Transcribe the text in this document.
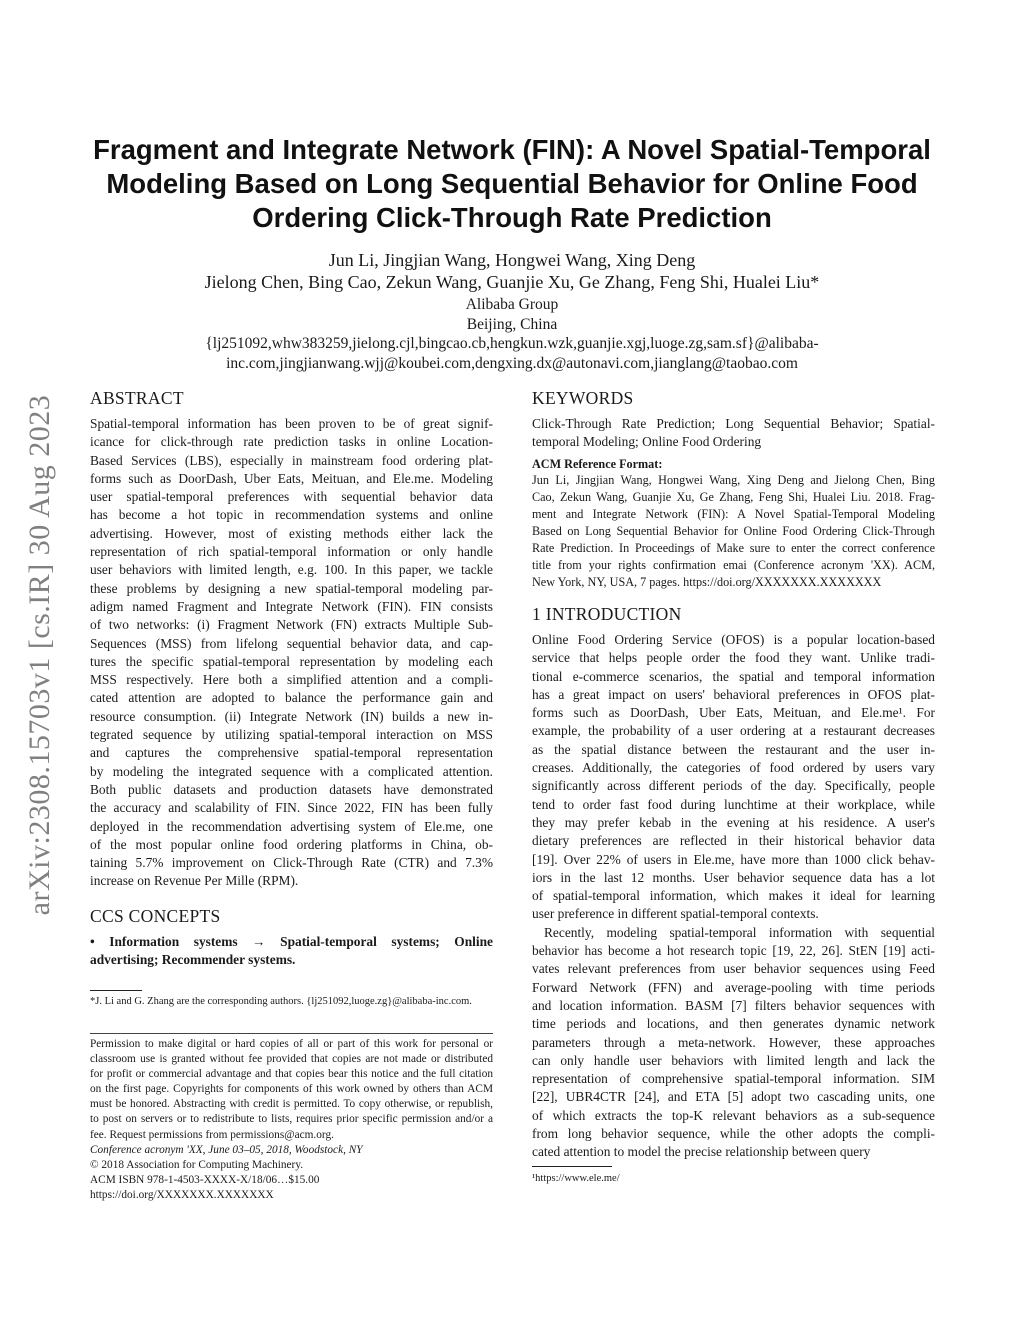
arXiv:2308.15703v1 [cs.IR] 30 Aug 2023
Fragment and Integrate Network (FIN): A Novel Spatial-Temporal
Modeling Based on Long Sequential Behavior for Online Food
Ordering Click-Through Rate Prediction
Jun Li, Jingjian Wang, Hongwei Wang, Xing Deng
Jielong Chen, Bing Cao, Zekun Wang, Guanjie Xu, Ge Zhang, Feng Shi, Hualei Liu*
Alibaba Group
Beijing, China
{lj251092,whw383259,jielong.cjl,bingcao.cb,hengkun.wzk,guanjie.xgj,luoge.zg,sam.sf}@alibaba-
inc.com,jingjianwang.wjj@koubei.com,dengxing.dx@autonavi.com,jianglang@taobao.com
ABSTRACT
Spatial-temporal information has been proven to be of great signif-
icance for click-through rate prediction tasks in online Location-
Based Services (LBS), especially in mainstream food ordering plat-
forms such as DoorDash, Uber Eats, Meituan, and Ele.me. Modeling
user spatial-temporal preferences with sequential behavior data
has become a hot topic in recommendation systems and online
advertising. However, most of existing methods either lack the
representation of rich spatial-temporal information or only handle
user behaviors with limited length, e.g. 100. In this paper, we tackle
these problems by designing a new spatial-temporal modeling par-
adigm named Fragment and Integrate Network (FIN). FIN consists
of two networks: (i) Fragment Network (FN) extracts Multiple Sub-
Sequences (MSS) from lifelong sequential behavior data, and cap-
tures the specific spatial-temporal representation by modeling each
MSS respectively. Here both a simplified attention and a compli-
cated attention are adopted to balance the performance gain and
resource consumption. (ii) Integrate Network (IN) builds a new in-
tegrated sequence by utilizing spatial-temporal interaction on MSS
and captures the comprehensive spatial-temporal representation
by modeling the integrated sequence with a complicated attention.
Both public datasets and production datasets have demonstrated
the accuracy and scalability of FIN. Since 2022, FIN has been fully
deployed in the recommendation advertising system of Ele.me, one
of the most popular online food ordering platforms in China, ob-
taining 5.7% improvement on Click-Through Rate (CTR) and 7.3%
increase on Revenue Per Mille (RPM).
CCS CONCEPTS
• Information systems → Spatial-temporal systems; Online
advertising; Recommender systems.
*J. Li and G. Zhang are the corresponding authors. {lj251092,luoge.zg}@alibaba-inc.com.
Permission to make digital or hard copies of all or part of this work for personal or
classroom use is granted without fee provided that copies are not made or distributed
for profit or commercial advantage and that copies bear this notice and the full citation
on the first page. Copyrights for components of this work owned by others than ACM
must be honored. Abstracting with credit is permitted. To copy otherwise, or republish,
to post on servers or to redistribute to lists, requires prior specific permission and/or a
fee. Request permissions from permissions@acm.org.
Conference acronym 'XX, June 03–05, 2018, Woodstock, NY
© 2018 Association for Computing Machinery.
ACM ISBN 978-1-4503-XXXX-X/18/06…$15.00
https://doi.org/XXXXXXX.XXXXXXX
KEYWORDS
Click-Through Rate Prediction; Long Sequential Behavior; Spatial-
temporal Modeling; Online Food Ordering
ACM Reference Format:
Jun Li, Jingjian Wang, Hongwei Wang, Xing Deng and Jielong Chen, Bing
Cao, Zekun Wang, Guanjie Xu, Ge Zhang, Feng Shi, Hualei Liu. 2018. Frag-
ment and Integrate Network (FIN): A Novel Spatial-Temporal Modeling
Based on Long Sequential Behavior for Online Food Ordering Click-Through
Rate Prediction. In Proceedings of Make sure to enter the correct conference
title from your rights confirmation emai (Conference acronym 'XX). ACM,
New York, NY, USA, 7 pages. https://doi.org/XXXXXXX.XXXXXXX
1 INTRODUCTION
Online Food Ordering Service (OFOS) is a popular location-based
service that helps people order the food they want. Unlike tradi-
tional e-commerce scenarios, the spatial and temporal information
has a great impact on users' behavioral preferences in OFOS plat-
forms such as DoorDash, Uber Eats, Meituan, and Ele.me¹. For
example, the probability of a user ordering at a restaurant decreases
as the spatial distance between the restaurant and the user in-
creases. Additionally, the categories of food ordered by users vary
significantly across different periods of the day. Specifically, people
tend to order fast food during lunchtime at their workplace, while
they may prefer kebab in the evening at his residence. A user's
dietary preferences are reflected in their historical behavior data
[19]. Over 22% of users in Ele.me, have more than 1000 click behav-
iors in the last 12 months. User behavior sequence data has a lot
of spatial-temporal information, which makes it ideal for learning
user preference in different spatial-temporal contexts.
Recently, modeling spatial-temporal information with sequential
behavior has become a hot research topic [19, 22, 26]. StEN [19] acti-
vates relevant preferences from user behavior sequences using Feed
Forward Network (FFN) and average-pooling with time periods
and location information. BASM [7] filters behavior sequences with
time periods and locations, and then generates dynamic network
parameters through a meta-network. However, these approaches
can only handle user behaviors with limited length and lack the
representation of comprehensive spatial-temporal information. SIM
[22], UBR4CTR [24], and ETA [5] adopt two cascading units, one
of which extracts the top-K relevant behaviors as a sub-sequence
from long behavior sequence, while the other adopts the compli-
cated attention to model the precise relationship between query
¹https://www.ele.me/
